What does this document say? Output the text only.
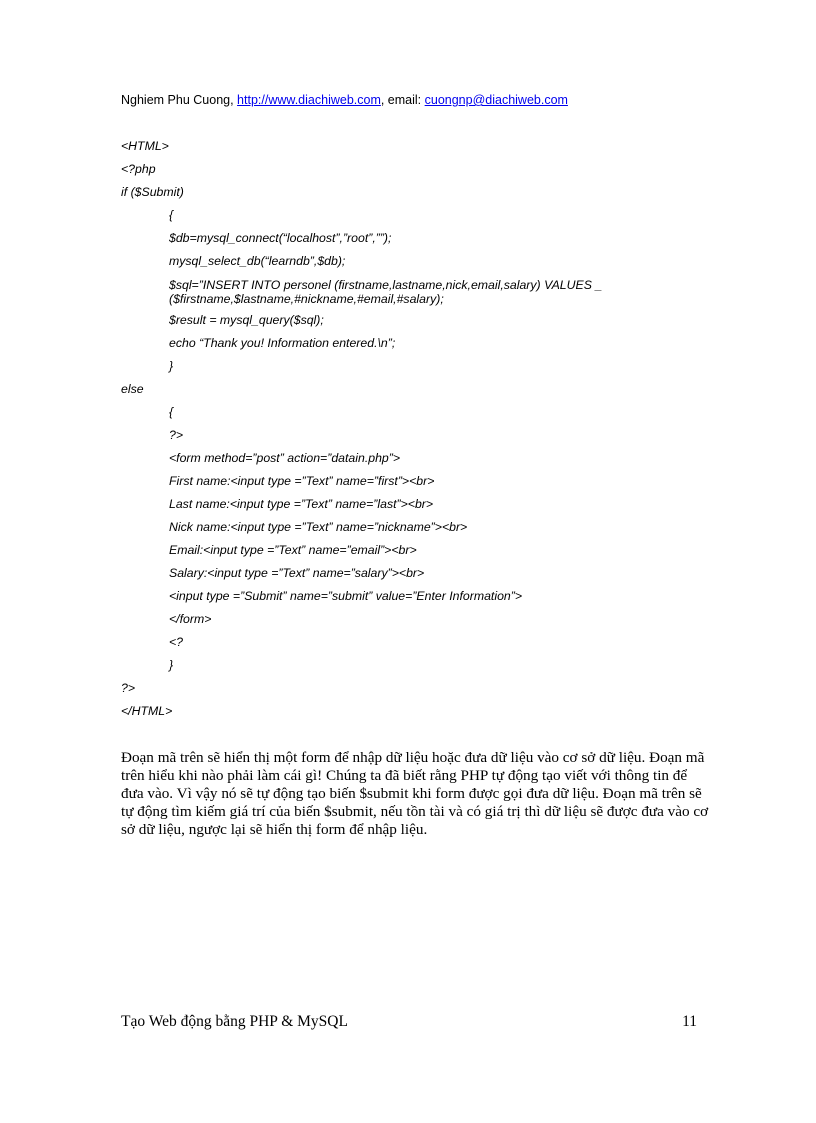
Nghiem Phu Cuong, http://www.diachiweb.com, email: cuongnp@diachiweb.com
<HTML>
<?php
if ($Submit)
{
$db=mysql_connect(“localhost”,”root”,””);
mysql_select_db(“learndb”,$db);
$sql=”INSERT INTO personel (firstname,lastname,nick,email,salary) VALUES _ ($firstname,$lastname,#nickname,#email,#salary);
$result = mysql_query($sql);
echo “Thank you! Information entered.\n”;
}
else
{
?>
<form method=”post” action=”datain.php”>
First name:<input type =”Text” name=”first”><br>
Last name:<input type =”Text” name=”last”><br>
Nick name:<input type =”Text” name=”nickname”><br>
Email:<input type =”Text” name=”email”><br>
Salary:<input type =”Text” name=”salary”><br>
<input type =”Submit” name=”submit” value=”Enter Information”>
</form>
<?
}
?>
</HTML>
Đoạn mã trên sẽ hiển thị một form để nhập dữ liệu hoặc đưa dữ liệu vào cơ sở dữ liệu. Đoạn mã trên hiểu khi nào phải làm cái gì! Chúng ta đã biết rằng PHP tự động tạo viết với thông tin để đưa vào. Vì vậy nó sẽ tự động tạo biến $submit khi form được gọi đưa dữ liệu. Đoạn mã trên sẽ tự động tìm kiếm giá trí của biến $submit, nếu tồn tài và có giá trị thì dữ liệu sẽ được đưa vào cơ sở dữ liệu, ngược lại sẽ hiển thị form để nhập liệu.
Tạo Web động bằng PHP & MySQL	11
